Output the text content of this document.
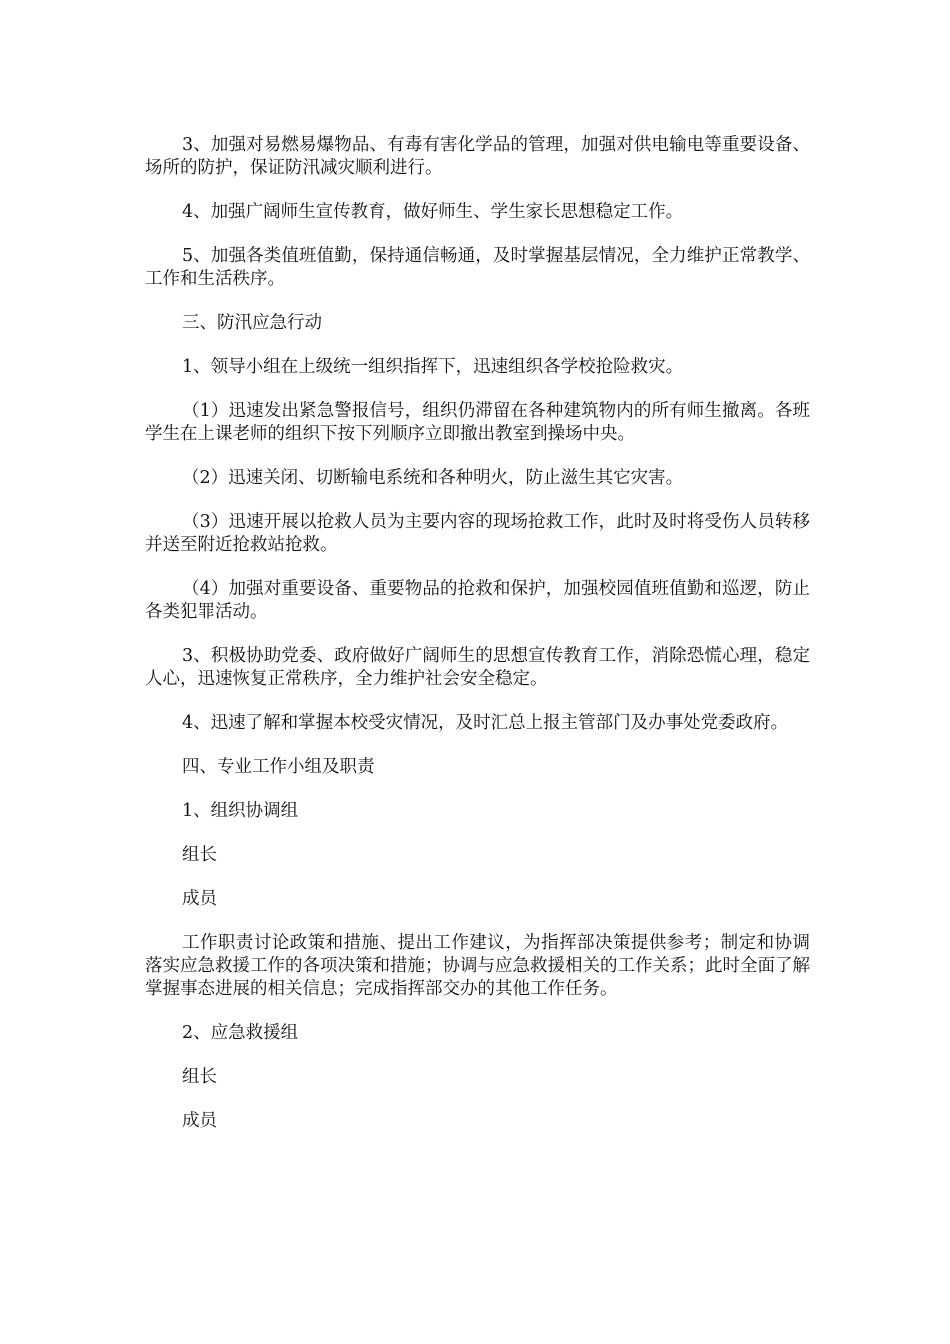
3、加强对易燃易爆物品、有毒有害化学品的管理，加强对供电输电等重要设备、场所的防护，保证防汛减灾顺利进行。

4、加强广阔师生宣传教育，做好师生、学生家长思想稳定工作。

5、加强各类值班值勤，保持通信畅通，及时掌握基层情况，全力维护正常教学、工作和生活秩序。

三、防汛应急行动

1、领导小组在上级统一组织指挥下，迅速组织各学校抢险救灾。

（1）迅速发出紧急警报信号，组织仍滞留在各种建筑物内的所有师生撤离。各班学生在上课老师的组织下按下列顺序立即撤出教室到操场中央。

（2）迅速关闭、切断输电系统和各种明火，防止滋生其它灾害。

（3）迅速开展以抢救人员为主要内容的现场抢救工作，此时及时将受伤人员转移并送至附近抢救站抢救。

（4）加强对重要设备、重要物品的抢救和保护，加强校园值班值勤和巡逻，防止各类犯罪活动。

3、积极协助党委、政府做好广阔师生的思想宣传教育工作，消除恐慌心理，稳定人心，迅速恢复正常秩序，全力维护社会安全稳定。

4、迅速了解和掌握本校受灾情况，及时汇总上报主管部门及办事处党委政府。

四、专业工作小组及职责

1、组织协调组

组长

成员

工作职责讨论政策和措施、提出工作建议，为指挥部决策提供参考；制定和协调落实应急救援工作的各项决策和措施；协调与应急救援相关的工作关系；此时全面了解掌握事态进展的相关信息；完成指挥部交办的其他工作任务。

2、应急救援组

组长

成员
